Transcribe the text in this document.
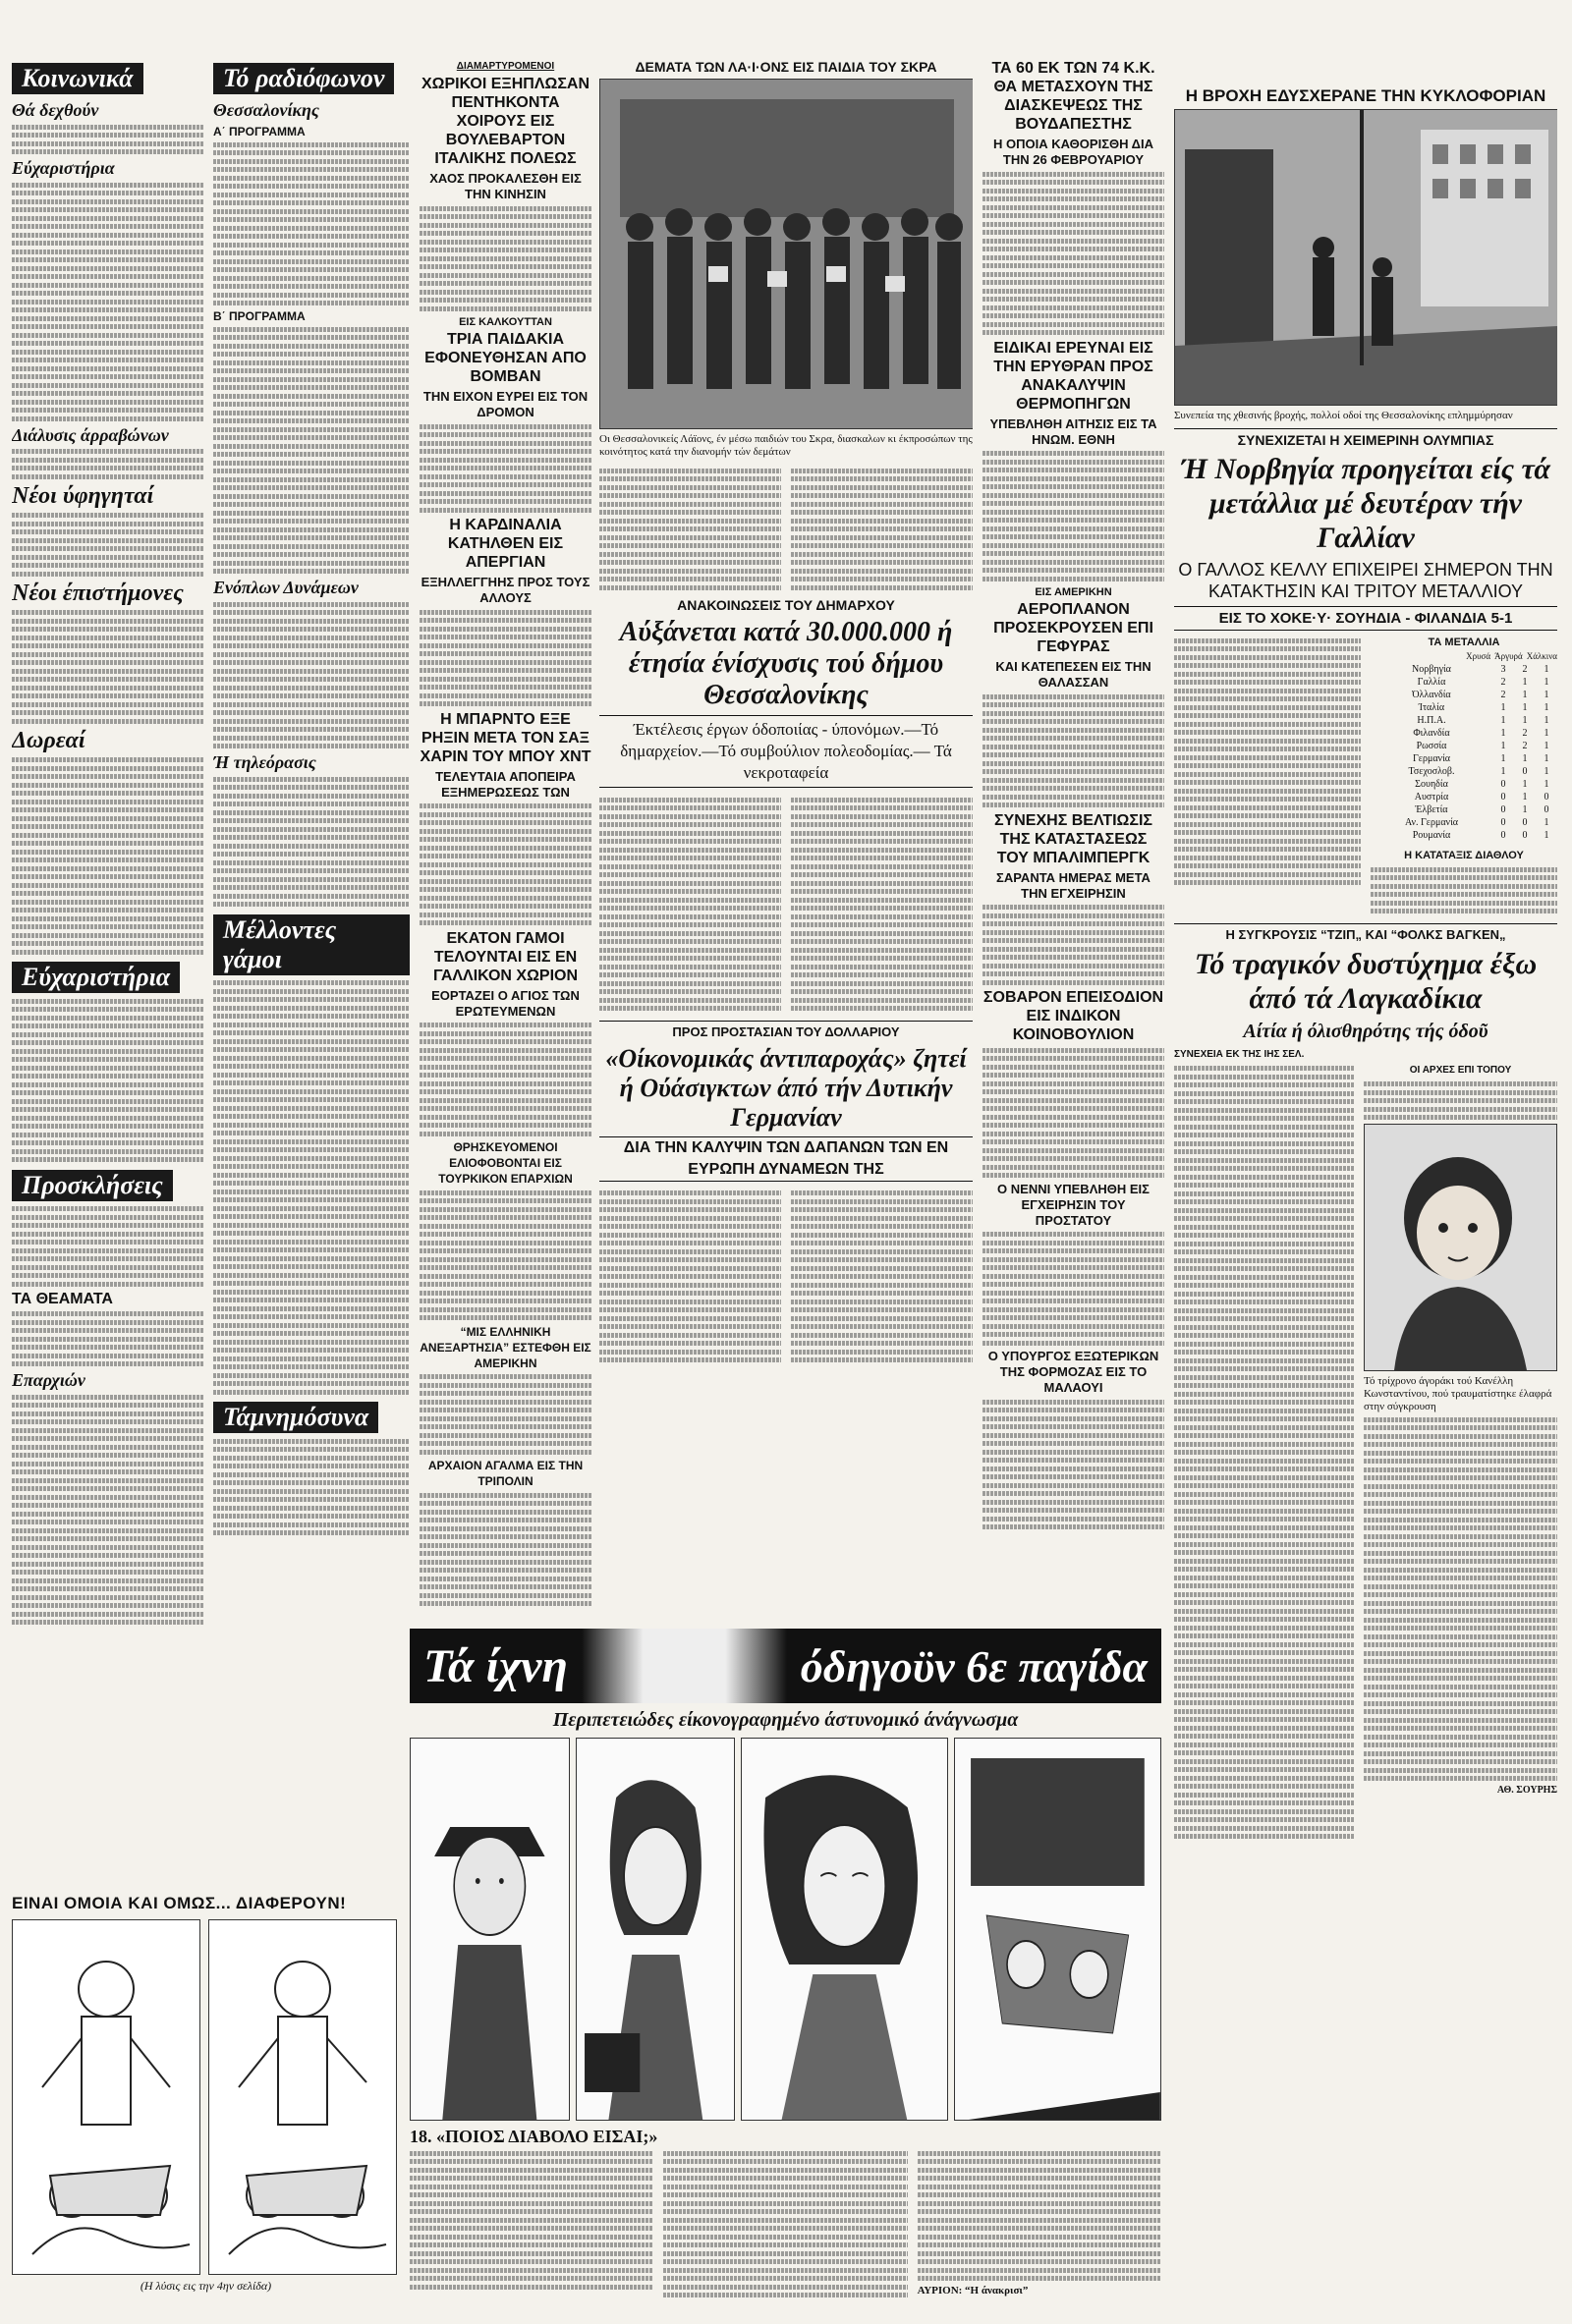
Κοινωνικά
Θά δεχθούν
Εύχαριστήρια
Διάλυσις άρραβώνων
Νέοι ύφηγηταί
Νέοι έπιστήμονες
Δωρεαί
Εύχαριστήρια
Προσκλήσεις
ΤΑ ΘΕΑΜΑΤΑ
Επαρχιών
ΕΙΝΑΙ ΟΜΟΙΑ ΚΑΙ ΟΜΩΣ... ΔΙΑΦΕΡΟΥΝ!
(Η λύσις εις την 4ην σελίδα)
Τό ραδιόφωνον
Θεσσαλονίκης
Α΄ ΠΡΟΓΡΑΜΜΑ
Β΄ ΠΡΟΓΡΑΜΜΑ
Ενόπλων Δυνάμεων
Ή τηλεόρασις
Μέλλοντες γάμοι
Τάμνημόσυνα
ΔΙΑΜΑΡΤΥΡΟΜΕΝΟΙ
ΧΩΡΙΚΟΙ ΕΞΗΠΛΩΣΑΝ ΠΕΝΤΗΚΟΝΤΑ ΧΟΙΡΟΥΣ ΕΙΣ ΒΟΥΛΕΒΑΡΤΟΝ ΙΤΑΛΙΚΗΣ ΠΟΛΕΩΣ
ΧΑΟΣ ΠΡΟΚΑΛΕΣΘΗ ΕΙΣ ΤΗΝ ΚΙΝΗΣΙΝ
ΕΙΣ ΚΑΛΚΟΥΤΤΑΝ
ΤΡΙΑ ΠΑΙΔΑΚΙΑ ΕΦΟΝΕΥΘΗΣΑΝ ΑΠΟ ΒΟΜΒΑΝ
ΤΗΝ ΕΙΧΟΝ ΕΥΡΕΙ ΕΙΣ ΤΟΝ ΔΡΟΜΟΝ
Η ΚΑΡΔΙΝΑΛΙΑ ΚΑΤΗΛΘΕΝ ΕΙΣ ΑΠΕΡΓΙΑΝ
ΕΞΗΛΛΕΓΓΗΗΣ ΠΡΟΣ ΤΟΥΣ ΑΛΛΟΥΣ
Η ΜΠΑΡΝΤΟ ΕΞΕ ΡΗΞΙΝ ΜΕΤΑ ΤΟΝ ΣΑΞ ΧΑΡΙΝ ΤΟΥ ΜΠΟΥ ΧΝΤ
ΤΕΛΕΥΤΑΙΑ ΑΠΟΠΕΙΡΑ ΕΞΗΜΕΡΩΣΕΩΣ ΤΩΝ
ΕΚΑΤΟΝ ΓΑΜΟΙ ΤΕΛΟΥΝΤΑΙ ΕΙΣ ΕΝ ΓΑΛΛΙΚΟΝ ΧΩΡΙΟΝ
ΕΟΡΤΑΖΕΙ Ο ΑΓΙΟΣ ΤΩΝ ΕΡΩΤΕΥΜΕΝΩΝ
ΘΡΗΣΚΕΥΟΜΕΝΟΙ ΕΛΙΟΦΟΒΟΝΤΑΙ ΕΙΣ ΤΟΥΡΚΙΚΟΝ ΕΠΑΡΧΙΩΝ
“ΜΙΣ ΕΛΛΗΝΙΚΗ ΑΝΕΞΑΡΤΗΣΙΑ” ΕΣΤΕΦΘΗ ΕΙΣ ΑΜΕΡΙΚΗΝ
ΑΡΧΑΙΟΝ ΑΓΑΛΜΑ ΕΙΣ ΤΗΝ ΤΡΙΠΟΛΙΝ
ΔΕΜΑΤΑ ΤΩΝ ΛΑ·Ι·ΟΝΣ ΕΙΣ ΠΑΙΔΙΑ ΤΟΥ ΣΚΡΑ
Οι Θεσσαλονικείς Λάϊονς, έν μέσω παιδιών του Σκρα, διασκαλων κι έκπροσώπων της κοινότητος κατά την διανομήν τών δεμάτων
ΑΝΑΚΟΙΝΩΣΕΙΣ ΤΟΥ ΔΗΜΑΡΧΟΥ
Αύξάνεται κατά 30.000.000 ή έτησία ένίσχυσις τού δήμου Θεσσαλονίκης
Έκτέλεσις έργων όδοποιίας - ύπονόμων.—Τό δημαρχείον.—Τό συμβούλιον πολεοδομίας.— Τά νεκροταφεία
ΠΡΟΣ ΠΡΟΣΤΑΣΙΑΝ ΤΟΥ ΔΟΛΛΑΡΙΟΥ
«Οίκονομικάς άντιπαροχάς» ζητεί ή Ούάσιγκτων άπό τήν Δυτικήν Γερμανίαν
ΔΙΑ ΤΗΝ ΚΑΛΥΨΙΝ ΤΩΝ ΔΑΠΑΝΩΝ ΤΩΝ ΕΝ ΕΥΡΩΠΗ ΔΥΝΑΜΕΩΝ ΤΗΣ
ΤΑ 60 ΕΚ ΤΩΝ 74 Κ.Κ. ΘΑ ΜΕΤΑΣΧΟΥΝ ΤΗΣ ΔΙΑΣΚΕΨΕΩΣ ΤΗΣ ΒΟΥΔΑΠΕΣΤΗΣ
Η ΟΠΟΙΑ ΚΑΘΟΡΙΣΘΗ ΔΙΑ ΤΗΝ 26 ΦΕΒΡΟΥΑΡΙΟΥ
ΕΙΔΙΚΑΙ ΕΡΕΥΝΑΙ ΕΙΣ ΤΗΝ ΕΡΥΘΡΑΝ ΠΡΟΣ ΑΝΑΚΑΛΥΨΙΝ ΘΕΡΜΟΠΗΓΩΝ
ΥΠΕΒΛΗΘΗ ΑΙΤΗΣΙΣ ΕΙΣ ΤΑ ΗΝΩΜ. ΕΘΝΗ
ΕΙΣ ΑΜΕΡΙΚΗΝ
ΑΕΡΟΠΛΑΝΟΝ ΠΡΟΣΕΚΡΟΥΣΕΝ ΕΠΙ ΓΕΦΥΡΑΣ
ΚΑΙ ΚΑΤΕΠΕΣΕΝ ΕΙΣ ΤΗΝ ΘΑΛΑΣΣΑΝ
ΣΥΝΕΧΗΣ ΒΕΛΤΙΩΣΙΣ ΤΗΣ ΚΑΤΑΣΤΑΣΕΩΣ ΤΟΥ ΜΠΑΛΙΜΠΕΡΓΚ
ΣΑΡΑΝΤΑ ΗΜΕΡΑΣ ΜΕΤΑ ΤΗΝ ΕΓΧΕΙΡΗΣΙΝ
ΣΟΒΑΡΟΝ ΕΠΕΙΣΟΔΙΟΝ ΕΙΣ ΙΝΔΙΚΟΝ ΚΟΙΝΟΒΟΥΛΙΟΝ
Ο ΝΕΝΝΙ ΥΠΕΒΛΗΘΗ ΕΙΣ ΕΓΧΕΙΡΗΣΙΝ ΤΟΥ ΠΡΟΣΤΑΤΟΥ
Ο ΥΠΟΥΡΓΟΣ ΕΞΩΤΕΡΙΚΩΝ ΤΗΣ ΦΟΡΜΟΖΑΣ ΕΙΣ ΤΟ ΜΑΛΑΟΥΙ
Η ΒΡΟΧΗ ΕΔΥΣΧΕΡΑΝΕ ΤΗΝ ΚΥΚΛΟΦΟΡΙΑΝ
Συνεπεία της χθεσινής βροχής, πολλοί οδοί της Θεσσαλονίκης επλημμύρησαν
ΣΥΝΕΧΙΖΕΤΑΙ Η ΧΕΙΜΕΡΙΝΗ ΟΛΥΜΠΙΑΣ
Ή Νορβηγία προηγείται είς τά μετάλλια μέ δευτέραν τήν Γαλλίαν
Ο ΓΑΛΛΟΣ ΚΕΛΛΥ ΕΠΙΧΕΙΡΕΙ ΣΗΜΕΡΟΝ ΤΗΝ ΚΑΤΑΚΤΗΣΙΝ ΚΑΙ ΤΡΙΤΟΥ ΜΕΤΑΛΛΙΟΥ
ΕΙΣ ΤΟ ΧΟΚΕ·Υ· ΣΟΥΗΔΙΑ - ΦΙΛΑΝΔΙΑ 5-1
ΤΑ ΜΕΤΑΛΛΙΑ
Χρυσά Άργυρά Χάλκινα
Νορβηγία	3	2	1
Γαλλία	2	1	1
Όλλανδία	2	1	1
Ίταλία	1	1	1
Η.Π.Α.	1	1	1
Φιλανδία	1	2	1
Ρωσσία	1	2	1
Γερμανία	1	1	1
Τσεχοσλοβ.	1	0	1
Σουηδία	0	1	1
Αυστρία	0	1	0
Έλβετία	0	1	0
Αν. Γερμανία	0	0	1
Ρουμανία	0	0	1
Η ΚΑΤΑΤΑΞΙΣ ΔΙΑΘΛΟΥ
Η ΣΥΓΚΡΟΥΣΙΣ “ΤΖΙΠ„ ΚΑΙ “ΦΟΛΚΣ ΒΑΓΚΕΝ„
Τό τραγικόν δυστύχημα έξω άπό τά Λαγκαδίκια
Αίτία ή όλισθηρότης τής όδοῦ
ΣΥΝΕΧΕΙΑ ΕΚ ΤΗΣ ΙΗΣ ΣΕΛ.
ΟΙ ΑΡΧΕΣ ΕΠΙ ΤΟΠΟΥ
Τό τρίχρονο άγοράκι τού Κανέλλη Κωνσταντίνου, πού τραυματίστηκε έλαφρά στην σύγκρουση
ΑΘ. ΣΟΥΡΗΣ
Τά ίχνη	όδηγοϋν 6ε παγίδα
Περιπετειώδες είκονογραφημένο άστυνομικό άνάγνωσμα
18. «ΠΟΙΟΣ ΔΙΑΒΟΛΟ ΕΙΣΑΙ;»
ΑΥΡΙΟΝ: “Η άνακρισι”
